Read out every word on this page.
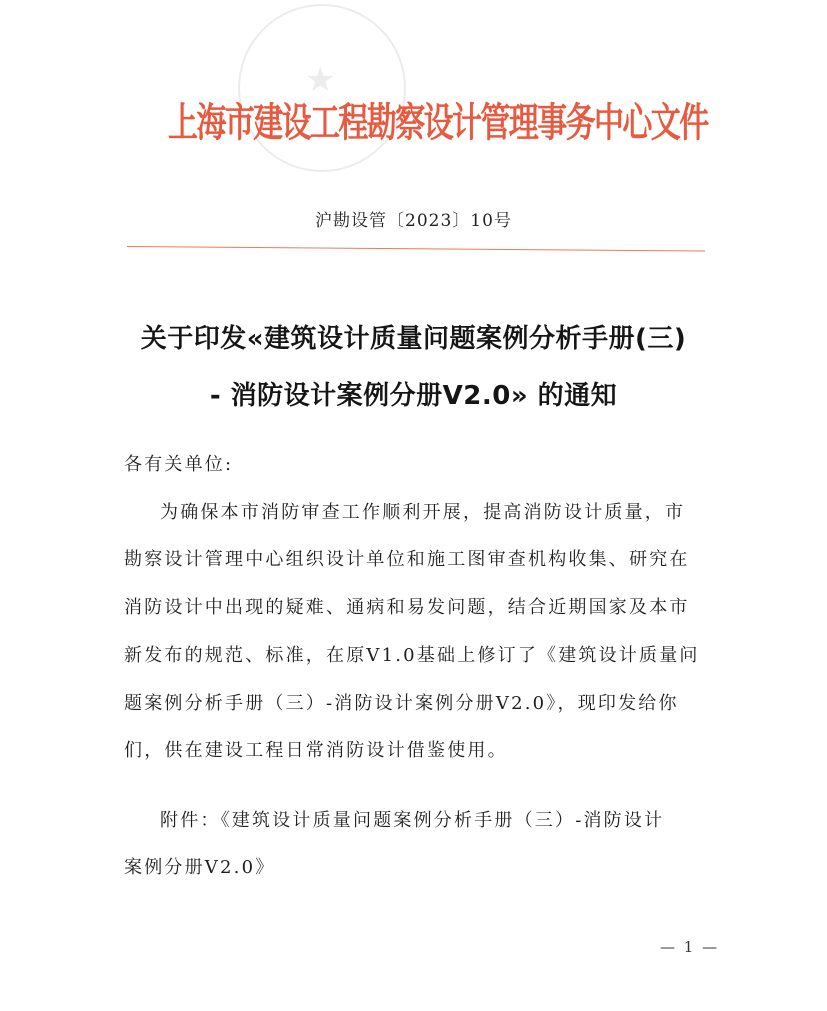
★
上海市建设工程勘察设计管理事务中心文件
沪勘设管〔2023〕10号
关于印发«建筑设计质量问题案例分析手册(三)
- 消防设计案例分册V2.0» 的通知
各有关单位:
为确保本市消防审查工作顺利开展，提高消防设计质量，市
勘察设计管理中心组织设计单位和施工图审查机构收集、研究在
消防设计中出现的疑难、通病和易发问题，结合近期国家及本市
新发布的规范、标准，在原V1.0基础上修订了《建筑设计质量问
题案例分析手册（三）-消防设计案例分册V2.0》，现印发给你
们，供在建设工程日常消防设计借鉴使用。
附件：《建筑设计质量问题案例分析手册（三）-消防设计
案例分册V2.0》
— 1 —
